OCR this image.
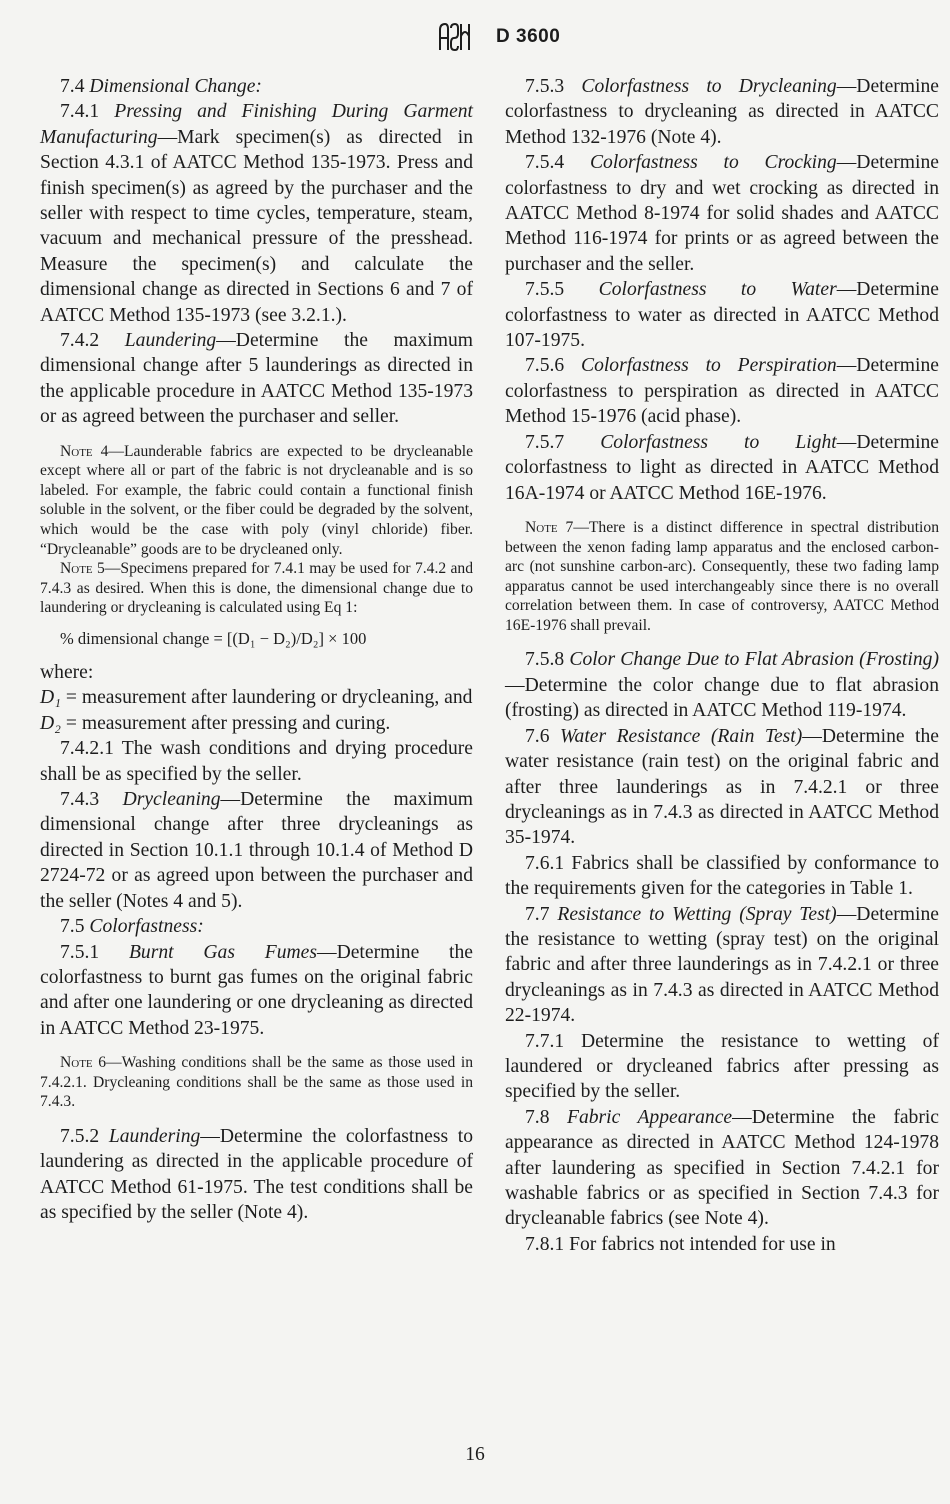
D 3600

7.4 Dimensional Change:

7.4.1 Pressing and Finishing During Garment Manufacturing—Mark specimen(s) as directed in Section 4.3.1 of AATCC Method 135-1973. Press and finish specimen(s) as agreed by the purchaser and the seller with respect to time cycles, temperature, steam, vacuum and mechanical pressure of the presshead. Measure the specimen(s) and calculate the dimensional change as directed in Sections 6 and 7 of AATCC Method 135-1973 (see 3.2.1.).

7.4.2 Laundering—Determine the maximum dimensional change after 5 launderings as directed in the applicable procedure in AATCC Method 135-1973 or as agreed between the purchaser and seller.

Note 4—Launderable fabrics are expected to be drycleanable except where all or part of the fabric is not drycleanable and is so labeled. For example, the fabric could contain a functional finish soluble in the solvent, or the fiber could be degraded by the solvent, which would be the case with poly (vinyl chloride) fiber. “Drycleanable” goods are to be drycleaned only.

Note 5—Specimens prepared for 7.4.1 may be used for 7.4.2 and 7.4.3 as desired. When this is done, the dimensional change due to laundering or drycleaning is calculated using Eq 1:

% dimensional change = [(D₁ − D₂)/D₂] × 100

where:

D₁ = measurement after laundering or drycleaning, and

D₂ = measurement after pressing and curing.

7.4.2.1 The wash conditions and drying procedure shall be as specified by the seller.

7.4.3 Drycleaning—Determine the maximum dimensional change after three drycleanings as directed in Section 10.1.1 through 10.1.4 of Method D 2724-72 or as agreed upon between the purchaser and the seller (Notes 4 and 5).

7.5 Colorfastness:

7.5.1 Burnt Gas Fumes—Determine the colorfastness to burnt gas fumes on the original fabric and after one laundering or one drycleaning as directed in AATCC Method 23-1975.

Note 6—Washing conditions shall be the same as those used in 7.4.2.1. Drycleaning conditions shall be the same as those used in 7.4.3.

7.5.2 Laundering—Determine the colorfastness to laundering as directed in the applicable procedure of AATCC Method 61-1975. The test conditions shall be as specified by the seller (Note 4).

7.5.3 Colorfastness to Drycleaning—Determine colorfastness to drycleaning as directed in AATCC Method 132-1976 (Note 4).

7.5.4 Colorfastness to Crocking—Determine colorfastness to dry and wet crocking as directed in AATCC Method 8-1974 for solid shades and AATCC Method 116-1974 for prints or as agreed between the purchaser and the seller.

7.5.5 Colorfastness to Water—Determine colorfastness to water as directed in AATCC Method 107-1975.

7.5.6 Colorfastness to Perspiration—Determine colorfastness to perspiration as directed in AATCC Method 15-1976 (acid phase).

7.5.7 Colorfastness to Light—Determine colorfastness to light as directed in AATCC Method 16A-1974 or AATCC Method 16E-1976.

Note 7—There is a distinct difference in spectral distribution between the xenon fading lamp apparatus and the enclosed carbon-arc (not sunshine carbon-arc). Consequently, these two fading lamp apparatus cannot be used interchangeably since there is no overall correlation between them. In case of controversy, AATCC Method 16E-1976 shall prevail.

7.5.8 Color Change Due to Flat Abrasion (Frosting)—Determine the color change due to flat abrasion (frosting) as directed in AATCC Method 119-1974.

7.6 Water Resistance (Rain Test)—Determine the water resistance (rain test) on the original fabric and after three launderings as in 7.4.2.1 or three drycleanings as in 7.4.3 as directed in AATCC Method 35-1974.

7.6.1 Fabrics shall be classified by conformance to the requirements given for the categories in Table 1.

7.7 Resistance to Wetting (Spray Test)—Determine the resistance to wetting (spray test) on the original fabric and after three launderings as in 7.4.2.1 or three drycleanings as in 7.4.3 as directed in AATCC Method 22-1974.

7.7.1 Determine the resistance to wetting of laundered or drycleaned fabrics after pressing as specified by the seller.

7.8 Fabric Appearance—Determine the fabric appearance as directed in AATCC Method 124-1978 after laundering as specified in Section 7.4.2.1 for washable fabrics or as specified in Section 7.4.3 for drycleanable fabrics (see Note 4).

7.8.1 For fabrics not intended for use in

16
